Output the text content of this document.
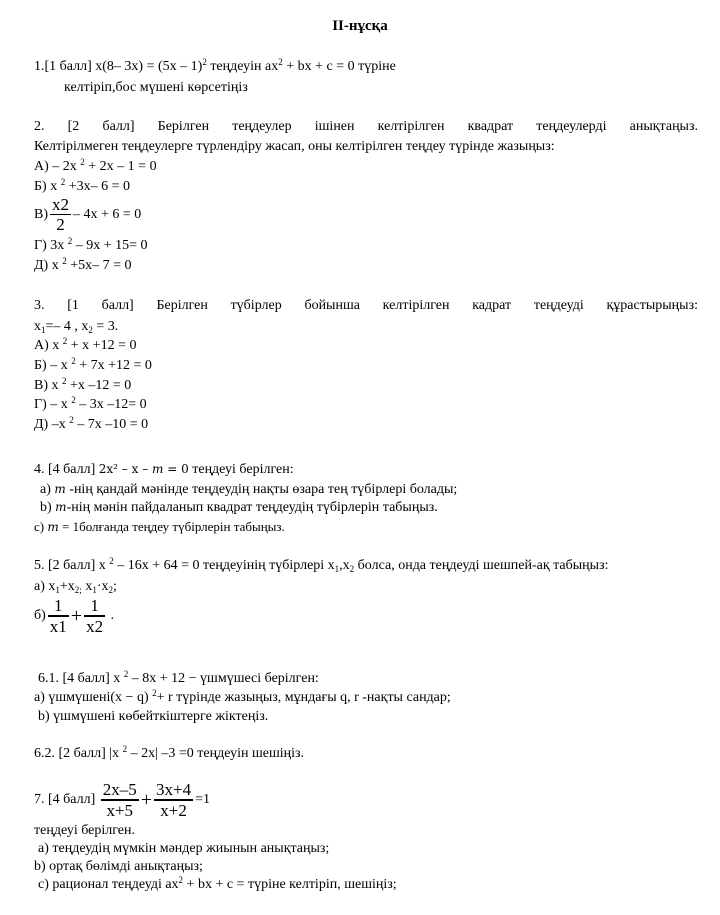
ІІ-нұсқа
1.[1 балл] x(8– 3x) = (5x – 1)$^2$ теңдеуін $ax^2$ + bx + c = 0 түріне
келтіріп,бос мүшені көрсетіңіз
2. [2 балл] Берілген теңдеулер ішінен келтірілген квадрат теңдеулерді анықтаңыз.
Келтірілмеген теңдеулерге түрлендіру жасап, оны келтірілген теңдеу түрінде жазыңыз:
А) – 2x $^2$ + 2x – 1 = 0
Б) x $^2$ +3x– 6 = 0
$В) \frac{x2}{2} - 4x + 6 = 0$
Г) 3x $^2$ – 9x + 15= 0
Д) x $^2$ +5x– 7 = 0
3. [1 балл] Берілген түбірлер бойынша келтірілген кадрат теңдеуді құрастырыңыз:
$x_1=-$ 4 , $x_2 = 3$.
А) x $^2$ + x +12 = 0
Б) – x $^2$ + 7x +12 = 0
В) x $^2$ +x –12 = 0
Г) – x $^2$ – 3x –12= 0
Д) –x $^2$ – 7x –10 = 0
4. [4 балл] 2x² – x – m = 0 теңдеуі берілген:
а) m -нің қандай мәнінде теңдеудің нақты өзара тең түбірлері болады;
b) m-нің мәнін пайдаланып квадрат теңдеудің түбірлерін табыңыз.
c) m = 1болғанда теңдеу түбірлерін табыңыз.
5. [2 балл] x $^2$ – 16x + 64 = 0 теңдеуінің түбірлері $x_1,x_2$ болса, онда теңдеуді шешпей-ақ табыңыз:
а) $x_1+x_{2;}$ $x_1\cdot x_2$;
$б) \frac{1}{x1} + \frac{1}{x2}$ .
6.1. [4 балл] x $^2$ – 8x + 12 − үшмүшесі берілген:
а) үшмүшені(x − q) $^2$+ r түрінде жазыңыз, мұндағы q, r -нақты сандар;
b) үшмүшені көбейткіштерге жіктеңіз.
6.2. [2 балл] |x $^2$ – 2x| –3 =0 теңдеуін шешіңіз.
7. [4 балл] $\frac{2x-5}{x+5} + \frac{3x+4}{x+2} =1$
теңдеуі берілген.
а) теңдеудің мүмкін мәндер жиынын анықтаңыз;
b) ортақ бөлімді анықтаңыз;
с) рационал теңдеуді $ax^2$ + bx + c = түріне келтіріп, шешіңіз;
